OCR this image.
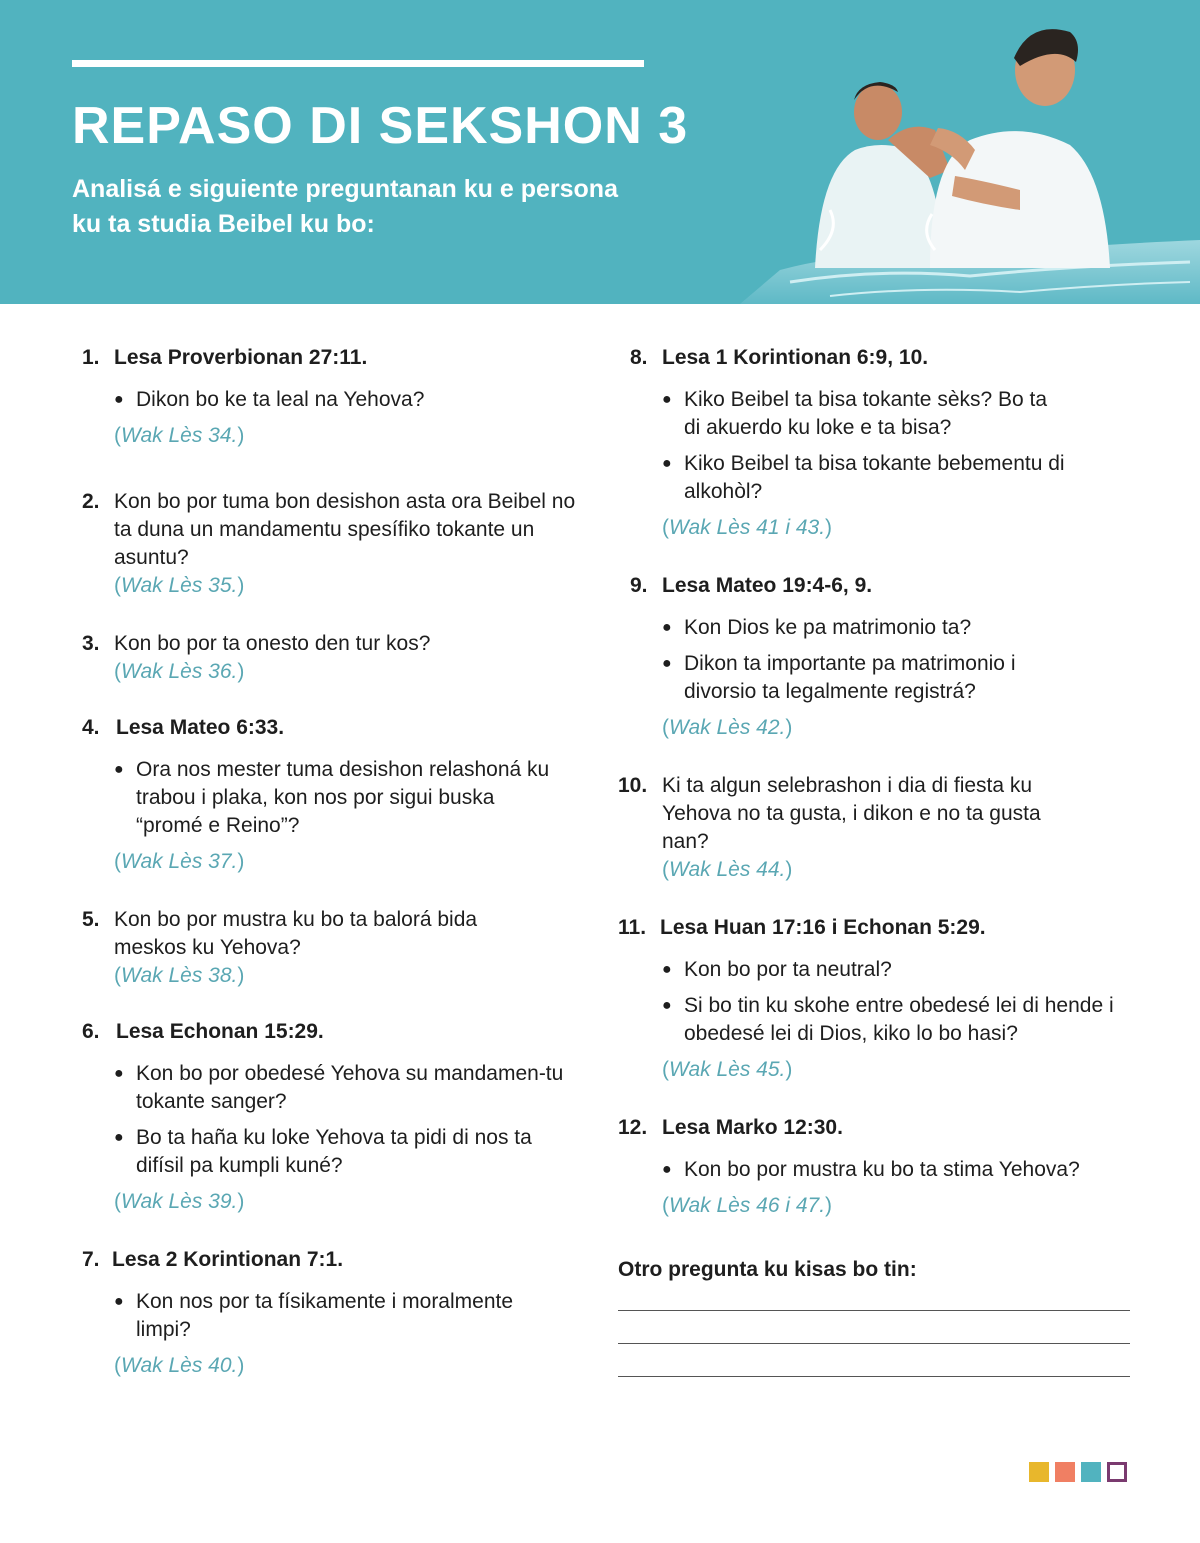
REPASO DI SEKSHON 3
Analisá e siguiente preguntanan ku e persona ku ta studia Beibel ku bo:
1. Lesa Proverbionan 27:11.
● Dikon bo ke ta leal na Yehova?
(Wak Lès 34.)
2. Kon bo por tuma bon desishon asta ora Beibel no ta duna un mandamentu spesífiko tokante un asuntu?
(Wak Lès 35.)
3. Kon bo por ta onesto den tur kos?
(Wak Lès 36.)
4. Lesa Mateo 6:33.
● Ora nos mester tuma desishon relashoná ku trabou i plaka, kon nos por sigui buska “promé e Reino”?
(Wak Lès 37.)
5. Kon bo por mustra ku bo ta balorá bida meskos ku Yehova?
(Wak Lès 38.)
6. Lesa Echonan 15:29.
● Kon bo por obedesé Yehova su mandamen-tu tokante sanger?
● Bo ta haña ku loke Yehova ta pidi di nos ta difísil pa kumpli kuné?
(Wak Lès 39.)
7. Lesa 2 Korintionan 7:1.
● Kon nos por ta físikamente i moralmente limpi?
(Wak Lès 40.)
8. Lesa 1 Korintionan 6:9, 10.
● Kiko Beibel ta bisa tokante sèks? Bo ta di akuerdo ku loke e ta bisa?
● Kiko Beibel ta bisa tokante bebementu di alkohòl?
(Wak Lès 41 i 43.)
9. Lesa Mateo 19:4-6, 9.
● Kon Dios ke pa matrimonio ta?
● Dikon ta importante pa matrimonio i divorsio ta legalmente registrá?
(Wak Lès 42.)
10. Ki ta algun selebrashon i dia di fiesta ku Yehova no ta gusta, i dikon e no ta gusta nan?
(Wak Lès 44.)
11. Lesa Huan 17:16 i Echonan 5:29.
● Kon bo por ta neutral?
● Si bo tin ku skohe entre obedesé lei di hende i obedesé lei di Dios, kiko lo bo hasi?
(Wak Lès 45.)
12. Lesa Marko 12:30.
● Kon bo por mustra ku bo ta stima Yehova?
(Wak Lès 46 i 47.)
Otro pregunta ku kisas bo tin:
